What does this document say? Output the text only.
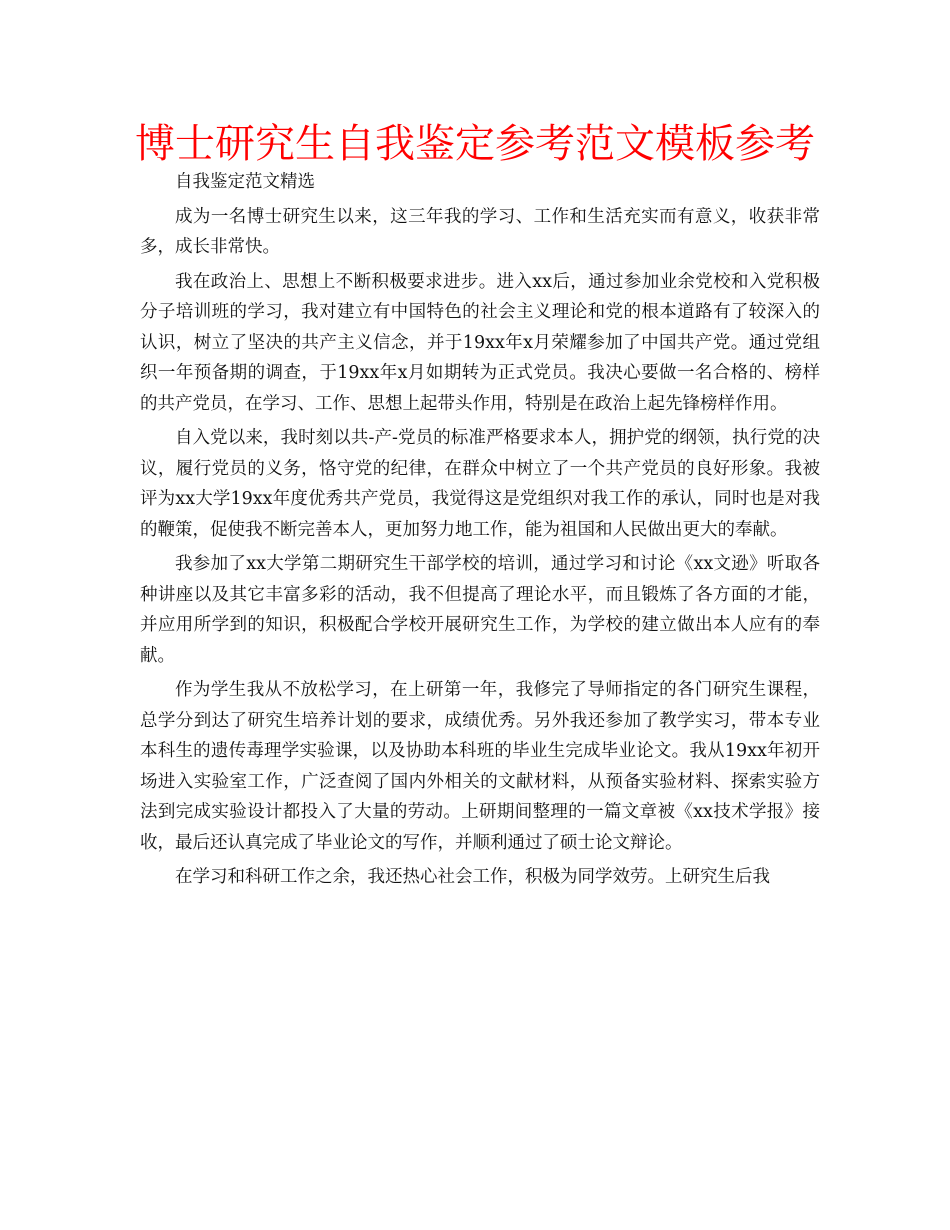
博士研究生自我鉴定参考范文模板参考

自我鉴定范文精选

成为一名博士研究生以来，这三年我的学习、工作和生活充实而有意义，收获非常多，成长非常快。

我在政治上、思想上不断积极要求进步。进入xx后，通过参加业余党校和入党积极分子培训班的学习，我对建立有中国特色的社会主义理论和党的根本道路有了较深入的认识，树立了坚决的共产主义信念，并于19xx年x月荣耀参加了中国共产党。通过党组织一年预备期的调查，于19xx年x月如期转为正式党员。我决心要做一名合格的、榜样的共产党员，在学习、工作、思想上起带头作用，特别是在政治上起先锋榜样作用。

自入党以来，我时刻以共-产-党员的标准严格要求本人，拥护党的纲领，执行党的决议，履行党员的义务，恪守党的纪律，在群众中树立了一个共产党员的良好形象。我被评为xx大学19xx年度优秀共产党员，我觉得这是党组织对我工作的承认，同时也是对我的鞭策，促使我不断完善本人，更加努力地工作，能为祖国和人民做出更大的奉献。

我参加了xx大学第二期研究生干部学校的培训，通过学习和讨论《xx文逊》听取各种讲座以及其它丰富多彩的活动，我不但提高了理论水平，而且锻炼了各方面的才能，并应用所学到的知识，积极配合学校开展研究生工作，为学校的建立做出本人应有的奉献。

作为学生我从不放松学习，在上研第一年，我修完了导师指定的各门研究生课程，总学分到达了研究生培养计划的要求，成绩优秀。另外我还参加了教学实习，带本专业本科生的遗传毒理学实验课，以及协助本科班的毕业生完成毕业论文。我从19xx年初开场进入实验室工作，广泛查阅了国内外相关的文献材料，从预备实验材料、探索实验方法到完成实验设计都投入了大量的劳动。上研期间整理的一篇文章被《xx技术学报》接收，最后还认真完成了毕业论文的写作，并顺利通过了硕士论文辩论。

在学习和科研工作之余，我还热心社会工作，积极为同学效劳。上研究生后我
